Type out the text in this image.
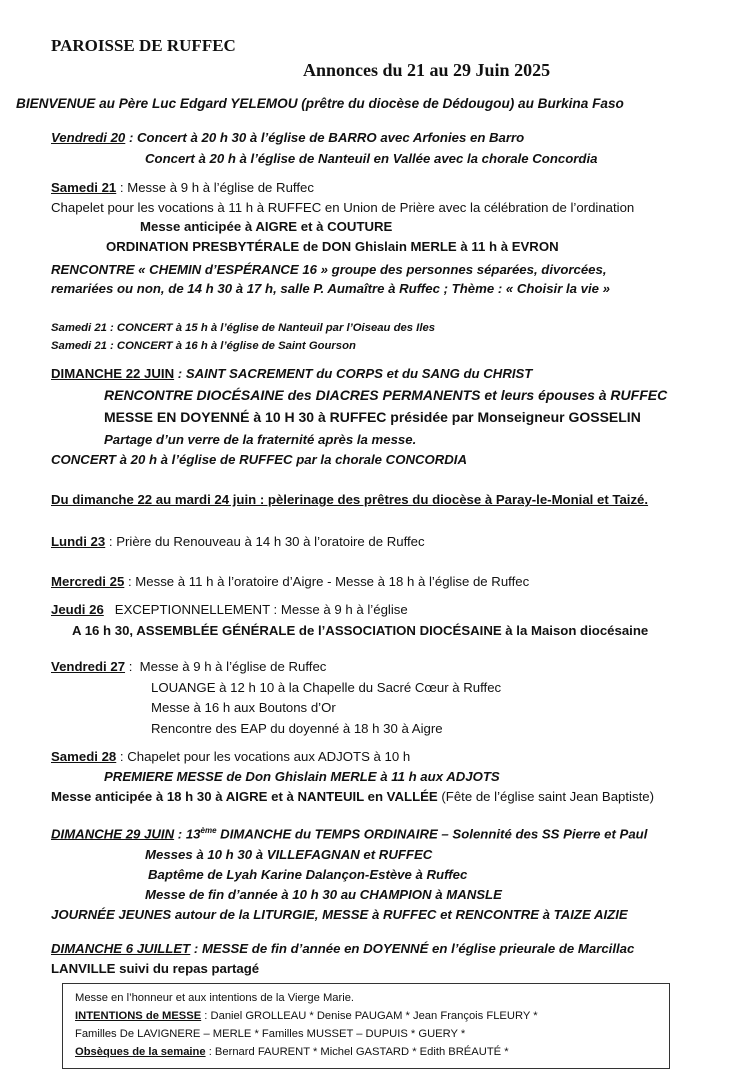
PAROISSE DE RUFFEC
Annonces du 21 au 29 Juin 2025
BIENVENUE au Père Luc Edgard YELEMOU (prêtre du diocèse de Dédougou) au Burkina Faso
Vendredi 20 : Concert à 20 h 30 à l’église de BARRO avec Arfonies en Barro
Concert à 20 h à l’église de Nanteuil en Vallée avec la chorale Concordia
Samedi 21 : Messe à 9 h à l’église de Ruffec
Chapelet pour les vocations à 11 h à RUFFEC en Union de Prière avec la célébration de l’ordination
Messe anticipée à AIGRE et à COUTURE
ORDINATION PRESBYTÉRALE de DON Ghislain MERLE à 11 h à EVRON
RENCONTRE « CHEMIN d’ESPÉRANCE 16 » groupe des personnes séparées, divorcées,
remariées ou non, de 14 h 30 à 17 h, salle P. Aumaître à Ruffec ; Thème : « Choisir la vie »
Samedi 21 : CONCERT à 15 h à l’église de Nanteuil par l’Oiseau des Iles
Samedi 21 : CONCERT à 16 h à l’église de Saint Gourson
DIMANCHE 22 JUIN : SAINT SACREMENT du CORPS et du SANG du CHRIST
RENCONTRE DIOCÉSAINE des DIACRES PERMANENTS et leurs épouses à RUFFEC
MESSE EN DOYENNÉ à 10 H 30 à RUFFEC présidée par Monseigneur GOSSELIN
Partage d’un verre de la fraternité après la messe.
CONCERT à 20 h à l’église de RUFFEC par la chorale CONCORDIA
Du dimanche 22 au mardi 24 juin : pèlerinage des prêtres du diocèse à Paray-le-Monial et Taizé.
Lundi 23 : Prière du Renouveau à 14 h 30 à l’oratoire de Ruffec
Mercredi 25 : Messe à 11 h à l’oratoire d’Aigre - Messe à 18 h à l’église de Ruffec
Jeudi 26   EXCEPTIONNELLEMENT : Messe à 9 h à l’église
A 16 h 30, ASSEMBLÉE GÉNÉRALE de l’ASSOCIATION DIOCÉSAINE à la Maison diocésaine
Vendredi 27 :  Messe à 9 h à l’église de Ruffec
LOUANGE à 12 h 10 à la Chapelle du Sacré Cœur à Ruffec
Messe à 16 h aux Boutons d’Or
Rencontre des EAP du doyenné à 18 h 30 à Aigre
Samedi 28 : Chapelet pour les vocations aux ADJOTS à 10 h
PREMIERE MESSE de Don Ghislain MERLE à 11 h aux ADJOTS
Messe anticipée à 18 h 30 à AIGRE et à NANTEUIL en VALLÉE (Fête de l’église saint Jean Baptiste)
DIMANCHE 29 JUIN : 13ème DIMANCHE du TEMPS ORDINAIRE – Solennité des SS Pierre et Paul
Messes à 10 h 30 à VILLEFAGNAN et RUFFEC
Baptême de Lyah Karine Dalançon-Estève à Ruffec
Messe de fin d’année à 10 h 30 au CHAMPION à MANSLE
JOURNÉE JEUNES autour de la LITURGIE, MESSE à RUFFEC et RENCONTRE à TAIZE AIZIE
DIMANCHE 6 JUILLET : MESSE de fin d’année en DOYENNÉ en l’église prieurale de Marcillac
LANVILLE suivi du repas partagé
Messe en l’honneur et aux intentions de la Vierge Marie.
INTENTIONS de MESSE : Daniel GROLLEAU * Denise PAUGAM * Jean François FLEURY *
Familles De LAVIGNERE – MERLE * Familles MUSSET – DUPUIS * GUERY *
Obsèques de la semaine : Bernard FAURENT * Michel GASTARD * Edith BRÉAUTÉ *
